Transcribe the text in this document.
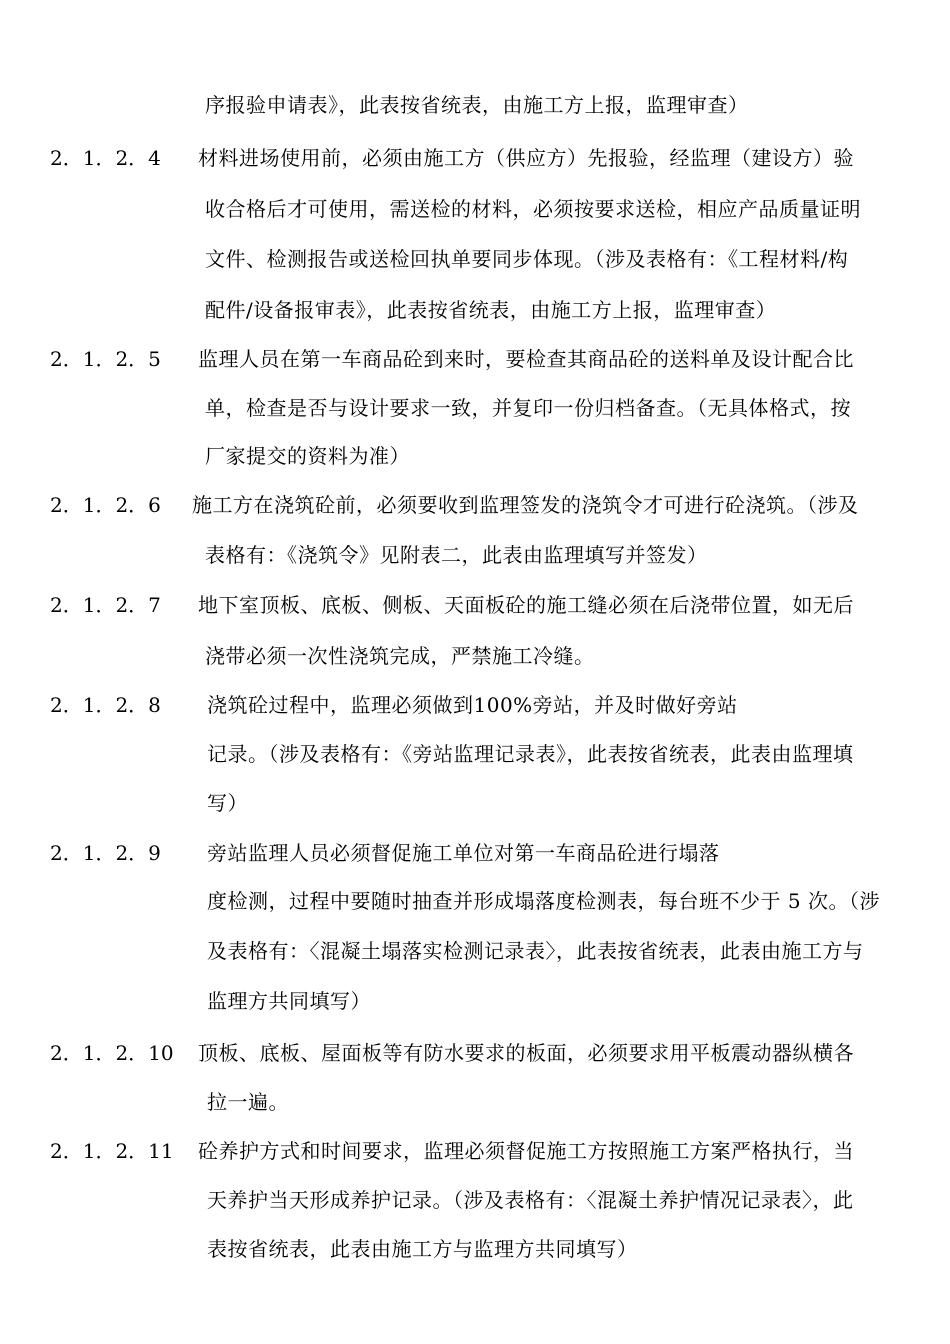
序报验申请表》，此表按省统表，由施工方上报，监理审查）
2．1．2．4 材料进场使用前，必须由施工方（供应方）先报验，经监理（建设方）验
收合格后才可使用，需送检的材料，必须按要求送检，相应产品质量证明
文件、检测报告或送检回执单要同步体现。（涉及表格有：《工程材料/构
配件/设备报审表》，此表按省统表，由施工方上报，监理审查）
2．1．2．5 监理人员在第一车商品砼到来时，要检查其商品砼的送料单及设计配合比
单，检查是否与设计要求一致，并复印一份归档备查。（无具体格式，按
厂家提交的资料为准）
2．1．2．6 施工方在浇筑砼前，必须要收到监理签发的浇筑令才可进行砼浇筑。（涉及
表格有：《浇筑令》见附表二，此表由监理填写并签发）
2．1．2．7 地下室顶板、底板、侧板、天面板砼的施工缝必须在后浇带位置，如无后
浇带必须一次性浇筑完成，严禁施工冷缝。
2．1．2．8 浇筑砼过程中，监理必须做到100%旁站，并及时做好旁站
记录。（涉及表格有：《旁站监理记录表》，此表按省统表，此表由监理填
写）
2．1．2．9 旁站监理人员必须督促施工单位对第一车商品砼进行塌落
度检测，过程中要随时抽查并形成塌落度检测表，每台班不少于 5 次。（涉
及表格有：〈混凝土塌落实检测记录表〉，此表按省统表，此表由施工方与
监理方共同填写）
2．1．2．10 顶板、底板、屋面板等有防水要求的板面，必须要求用平板震动器纵横各
拉一遍。
2．1．2．11 砼养护方式和时间要求，监理必须督促施工方按照施工方案严格执行，当
天养护当天形成养护记录。（涉及表格有：〈混凝土养护情况记录表〉，此
表按省统表，此表由施工方与监理方共同填写）
